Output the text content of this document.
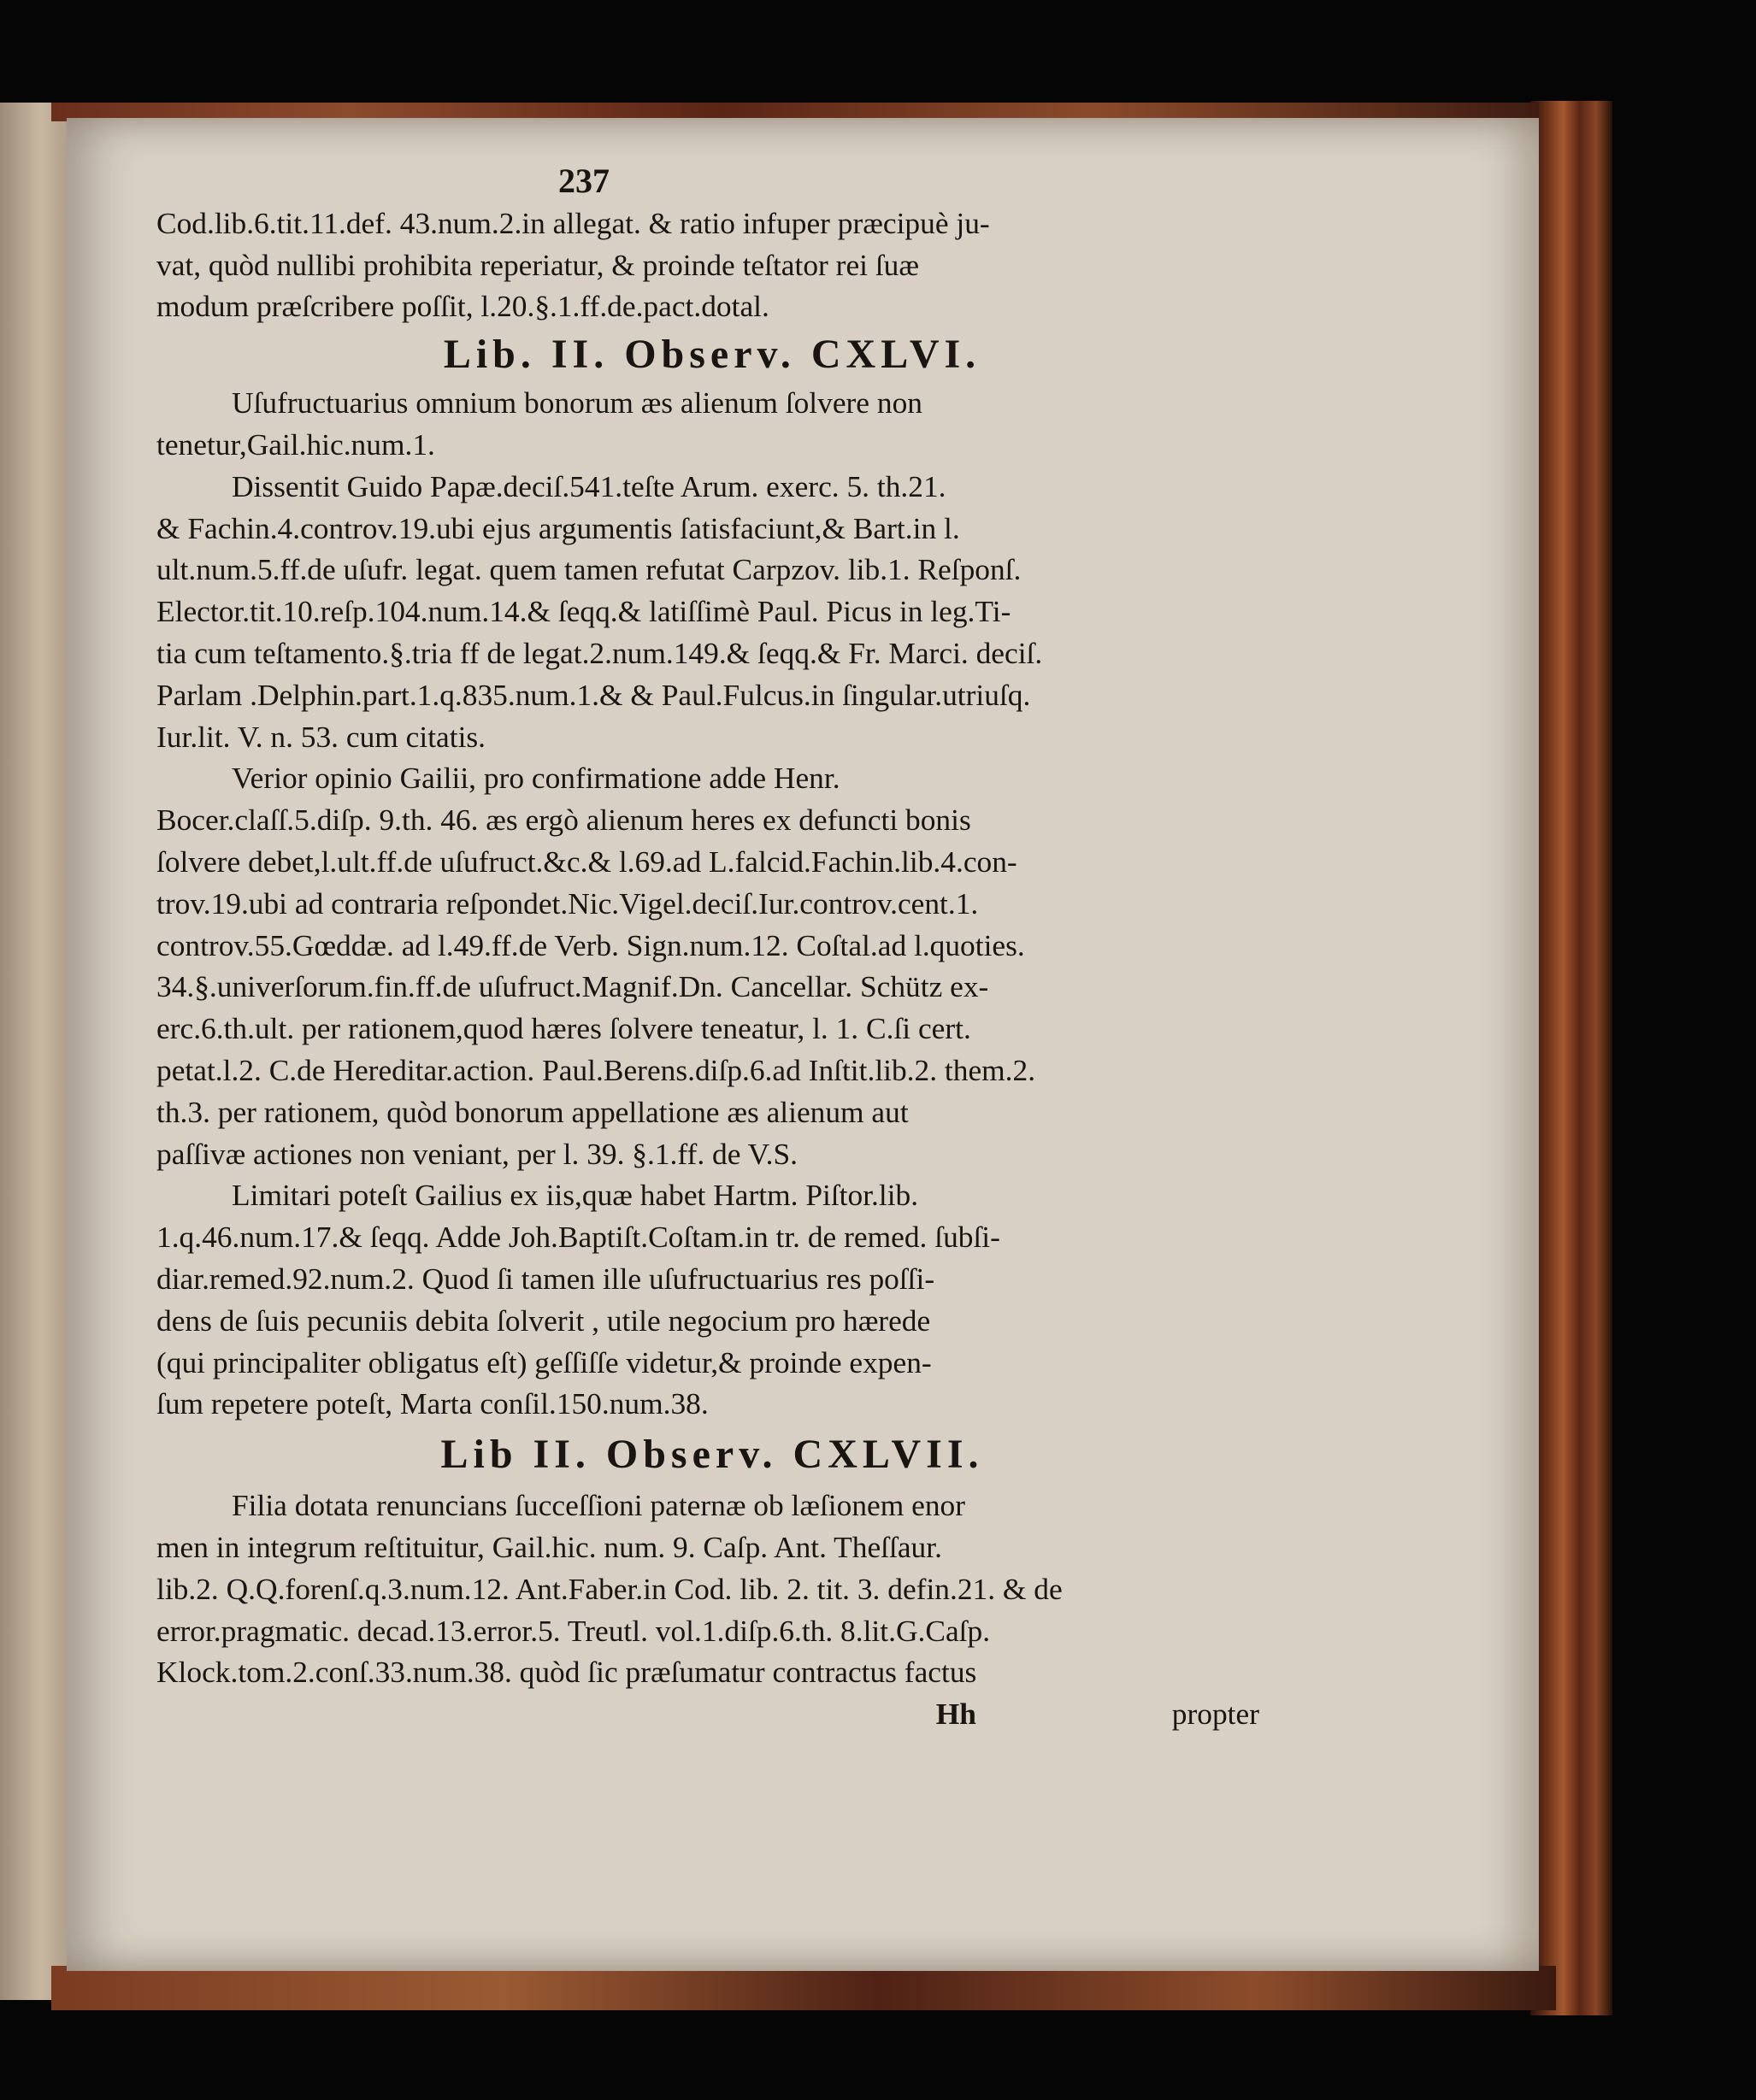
237
Cod.lib.6.tit.11.def. 43.num.2.in allegat. & ratio infuper præcipuè ju-
vat, quòd nullibi prohibita reperiatur, & proinde teſtator rei ſuæ
modum præſcribere poſſit, l.20.§.1.ff.de.pact.dotal.
Lib. II. Observ. CXLVI.
Uſufructuarius omnium bonorum æs alienum ſolvere non
tenetur,Gail.hic.num.1.
Dissentit Guido Papæ.deciſ.541.teſte Arum. exerc. 5. th.21.
& Fachin.4.controv.19.ubi ejus argumentis ſatisfaciunt,& Bart.in l.
ult.num.5.ff.de uſufr. legat. quem tamen refutat Carpzov. lib.1. Reſponſ.
Elector.tit.10.reſp.104.num.14.& ſeqq.& latiſſimè Paul. Picus in leg.Ti-
tia cum teſtamento.§.tria ff de legat.2.num.149.& ſeqq.& Fr. Marci. deciſ.
Parlam .Delphin.part.1.q.835.num.1.& & Paul.Fulcus.in ſingular.utriuſq.
Iur.lit. V. n. 53. cum citatis.
Verior opinio Gailii, pro confirmatione adde Henr.
Bocer.claſſ.5.diſp. 9.th. 46. æs ergò alienum heres ex defuncti bonis
ſolvere debet,l.ult.ff.de uſufruct.&c.& l.69.ad L.falcid.Fachin.lib.4.con-
trov.19.ubi ad contraria reſpondet.Nic.Vigel.deciſ.Iur.controv.cent.1.
controv.55.Gœddæ. ad l.49.ff.de Verb. Sign.num.12. Coſtal.ad l.quoties.
34.§.univerſorum.fin.ff.de uſufruct.Magnif.Dn. Cancellar. Schütz ex-
erc.6.th.ult. per rationem,quod hæres ſolvere teneatur, l. 1. C.ſi cert.
petat.l.2. C.de Hereditar.action. Paul.Berens.diſp.6.ad Inſtit.lib.2. them.2.
th.3. per rationem, quòd bonorum appellatione æs alienum aut
paſſivæ actiones non veniant, per l. 39. §.1.ff. de V.S.
Limitari poteſt Gailius ex iis,quæ habet Hartm. Piſtor.lib.
1.q.46.num.17.& ſeqq. Adde Joh.Baptiſt.Coſtam.in tr. de remed. ſubſi-
diar.remed.92.num.2. Quod ſi tamen ille uſufructuarius res poſſi-
dens de ſuis pecuniis debita ſolverit , utile negocium pro hærede
(qui principaliter obligatus eſt) geſſiſſe videtur,& proinde expen-
ſum repetere poteſt, Marta conſil.150.num.38.
Lib II. Observ. CXLVII.
Filia dotata renuncians ſucceſſioni paternæ ob læſionem enor
men in integrum reſtituitur, Gail.hic. num. 9. Caſp. Ant. Theſſaur.
lib.2. Q.Q.forenſ.q.3.num.12. Ant.Faber.in Cod. lib. 2. tit. 3. defin.21. & de
error.pragmatic. decad.13.error.5. Treutl. vol.1.diſp.6.th. 8.lit.G.Caſp.
Klock.tom.2.conſ.33.num.38. quòd ſic præſumatur contractus factus
Hh	propter
